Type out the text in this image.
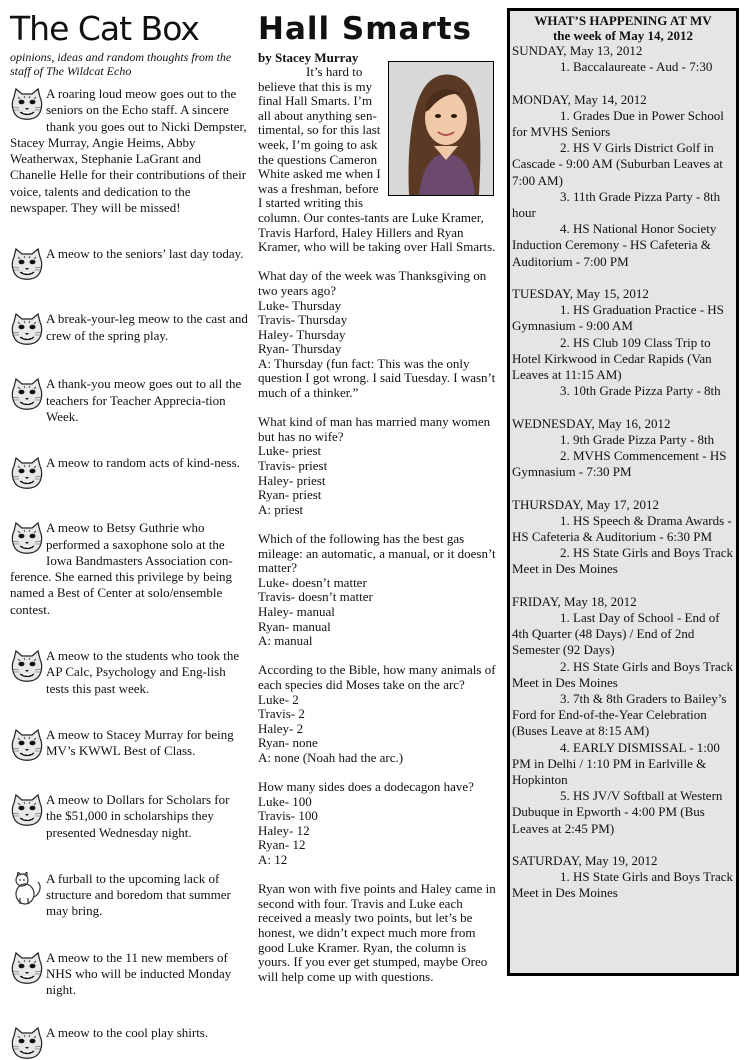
The Cat Box
opinions, ideas and random thoughts from the staff of The Wildcat Echo
A roaring loud meow goes out to the seniors on the Echo staff. A sincere thank you goes out to Nicki Dempster, Stacey Murray, Angie Heims, Abby Weatherwax, Stephanie LaGrant and Chanelle Helle for their contributions of their voice, talents and dedication to the newspaper. They will be missed!
A meow to the seniors’ last day today.
A break-your-leg meow to the cast and crew of the spring play.
A thank-you meow goes out to all the teachers for Teacher Apprecia-tion Week.
A meow to random acts of kind-ness.
A meow to Betsy Guthrie who performed a saxophone solo at the Iowa Bandmasters Association con-ference. She earned this privilege by being named a Best of Center at solo/ensemble contest.
A meow to the students who took the AP Calc, Psychology and Eng-lish tests this past week.
A meow to Stacey Murray for being MV’s KWWL Best of Class.
A meow to Dollars for Scholars for the $51,000 in scholarships they presented Wednesday night.
A furball to the upcoming lack of structure and boredom that summer may bring.
A meow to the 11 new members of NHS who will be inducted Monday night.
A meow to the cool play shirts.
Hall Smarts
by Stacey Murray
It’s hard to believe that this is my final Hall Smarts. I’m all about anything sen-timental, so for this last week, I’m going to ask the questions Cameron White asked me when I was a freshman, before I started writing this column. Our contes-tants are Luke Kramer, Travis Harford, Haley Hillers and Ryan Kramer, who will be taking over Hall Smarts.

What day of the week was Thanksgiving on two years ago?

Luke- Thursday

Travis- Thursday

Haley- Thursday

Ryan- Thursday

A: Thursday (fun fact: This was the only question I got wrong. I said Tuesday. I wasn’t much of a thinker.”

What kind of man has married many women but has no wife?

Luke- priest

Travis- priest

Haley- priest

Ryan- priest

A: priest

Which of the following has the best gas mileage: an automatic, a manual, or it doesn’t matter?

Luke- doesn’t matter

Travis- doesn’t matter

Haley- manual

Ryan- manual

A: manual

According to the Bible, how many animals of each species did Moses take on the arc?

Luke- 2

Travis- 2

Haley- 2

Ryan- none

A: none (Noah had the arc.)

How many sides does a dodecagon have?

Luke- 100

Travis- 100

Haley- 12

Ryan- 12

A: 12

Ryan won with five points and Haley came in second with four. Travis and Luke each received a measly two points, but let’s be honest, we didn’t expect much more from good Luke Kramer. Ryan, the column is yours. If you ever get stumped, maybe Oreo will help come up with questions.
WHAT’S HAPPENING AT MV
the week of May 14, 2012
SUNDAY, May 13, 2012
1. Baccalaureate - Aud - 7:30
MONDAY, May 14, 2012
1. Grades Due in Power School for MVHS Seniors
2. HS V Girls District Golf in Cascade - 9:00 AM (Suburban Leaves at 7:00 AM)
3. 11th Grade Pizza Party - 8th hour
4. HS National Honor Society Induction Ceremony - HS Cafeteria & Auditorium - 7:00 PM
TUESDAY, May 15, 2012
1. HS Graduation Practice - HS Gymnasium - 9:00 AM
2. HS Club 109 Class Trip to Hotel Kirkwood in Cedar Rapids (Van Leaves at 11:15 AM)
3. 10th Grade Pizza Party - 8th
WEDNESDAY, May 16, 2012
1. 9th Grade Pizza Party - 8th
2. MVHS Commencement - HS Gymnasium - 7:30 PM
THURSDAY, May 17, 2012
1. HS Speech & Drama Awards - HS Cafeteria & Auditorium - 6:30 PM
2. HS State Girls and Boys Track Meet in Des Moines
FRIDAY, May 18, 2012
1. Last Day of School - End of 4th Quarter (48 Days) / End of 2nd Semester (92 Days)
2. HS State Girls and Boys Track Meet in Des Moines
3. 7th & 8th Graders to Bailey’s Ford for End-of-the-Year Celebration (Buses Leave at 8:15 AM)
4. EARLY DISMISSAL - 1:00 PM in Delhi / 1:10 PM in Earlville & Hopkinton
5. HS JV/V Softball at Western Dubuque in Epworth - 4:00 PM (Bus Leaves at 2:45 PM)
SATURDAY, May 19, 2012
1. HS State Girls and Boys Track Meet in Des Moines
